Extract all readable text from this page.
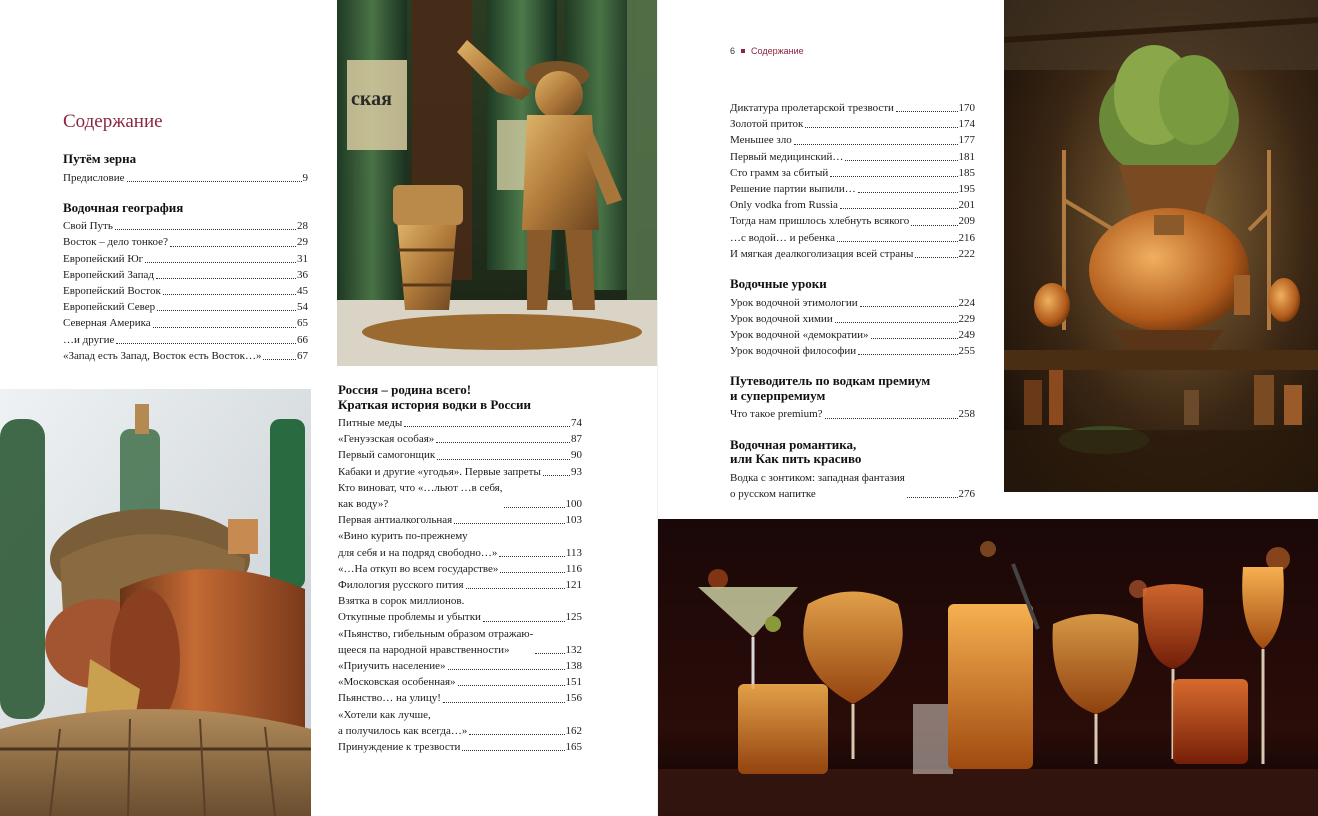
Содержание
Путём зерна
Предисловие	9
Водочная география
Свой Путь	28
Восток – дело тонкое?	29
Европейский Юг	31
Европейский Запад	36
Европейский Восток	45
Европейский Север	54
Северная Америка	65
…и другие	66
«Запад есть Запад, Восток есть Восток…»	67
ская
Россия – родина всего!
Краткая история водки в России
Питные меды	74
«Генуэзская особая»	87
Первый самогонщик	90
Кабаки и другие «угодья». Первые запреты	93
Кто виноват, что «…льют …в себя,
как воду»?	100
Первая антиалкогольная	103
«Вино курить по-прежнему
для себя и на подряд свободно…»	113
«…На откуп во всем государстве»	116
Филология русского пития	121
Взятка в сорок миллионов.
Откупные проблемы и убытки	125
«Пьянство, гибельным образом отражаю-
щееся па народной нравственности»	132
«Приучить население»	138
«Московская особенная»	151
Пьянство… на улицу!	156
«Хотели как лучше,
а получилось как всегда…»	162
Принуждение к трезвости	165
6 Содержание
Диктатура пролетарской трезвости	170
Золотой приток	174
Меньшее зло	177
Первый медицинский…	181
Сто грамм за сбитый	185
Решение партии выпили…	195
Only vodka from Russia	201
Тогда нам пришлось хлебнуть всякого	209
…с водой… и ребенка	216
И мягкая деалкоголизация всей страны	222
Водочные уроки
Урок водочной этимологии	224
Урок водочной химии	229
Урок водочной «демократии»	249
Урок водочной философии	255
Путеводитель по водкам премиум
и суперпремиум
Что такое premium?	258
Водочная романтика,
или Как пить красиво
Водка с зонтиком: западная фантазия
о русском напитке	276
